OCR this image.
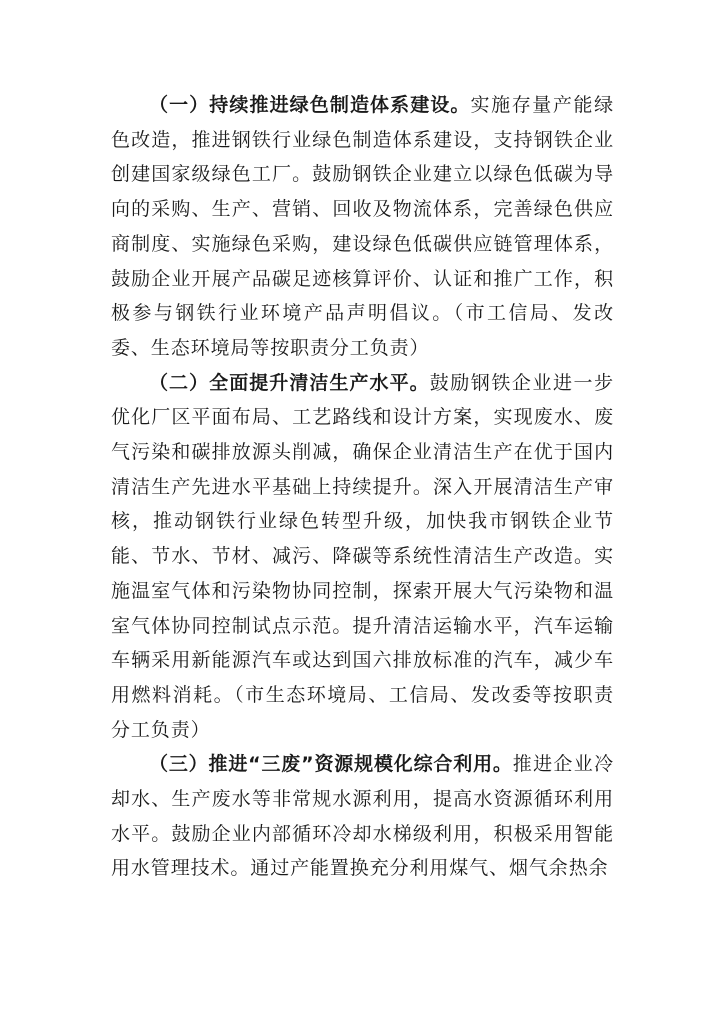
（一）持续推进绿色制造体系建设。实施存量产能绿色改造，推进钢铁行业绿色制造体系建设，支持钢铁企业创建国家级绿色工厂。鼓励钢铁企业建立以绿色低碳为导向的采购、生产、营销、回收及物流体系，完善绿色供应商制度、实施绿色采购，建设绿色低碳供应链管理体系，鼓励企业开展产品碳足迹核算评价、认证和推广工作，积极参与钢铁行业环境产品声明倡议。（市工信局、发改委、生态环境局等按职责分工负责）

（二）全面提升清洁生产水平。鼓励钢铁企业进一步优化厂区平面布局、工艺路线和设计方案，实现废水、废气污染和碳排放源头削减，确保企业清洁生产在优于国内清洁生产先进水平基础上持续提升。深入开展清洁生产审核，推动钢铁行业绿色转型升级，加快我市钢铁企业节能、节水、节材、减污、降碳等系统性清洁生产改造。实施温室气体和污染物协同控制，探索开展大气污染物和温室气体协同控制试点示范。提升清洁运输水平，汽车运输车辆采用新能源汽车或达到国六排放标准的汽车，减少车用燃料消耗。（市生态环境局、工信局、发改委等按职责分工负责）

（三）推进“三废”资源规模化综合利用。推进企业冷却水、生产废水等非常规水源利用，提高水资源循环利用水平。鼓励企业内部循环冷却水梯级利用，积极采用智能用水管理技术。通过产能置换充分利用煤气、烟气余热余
